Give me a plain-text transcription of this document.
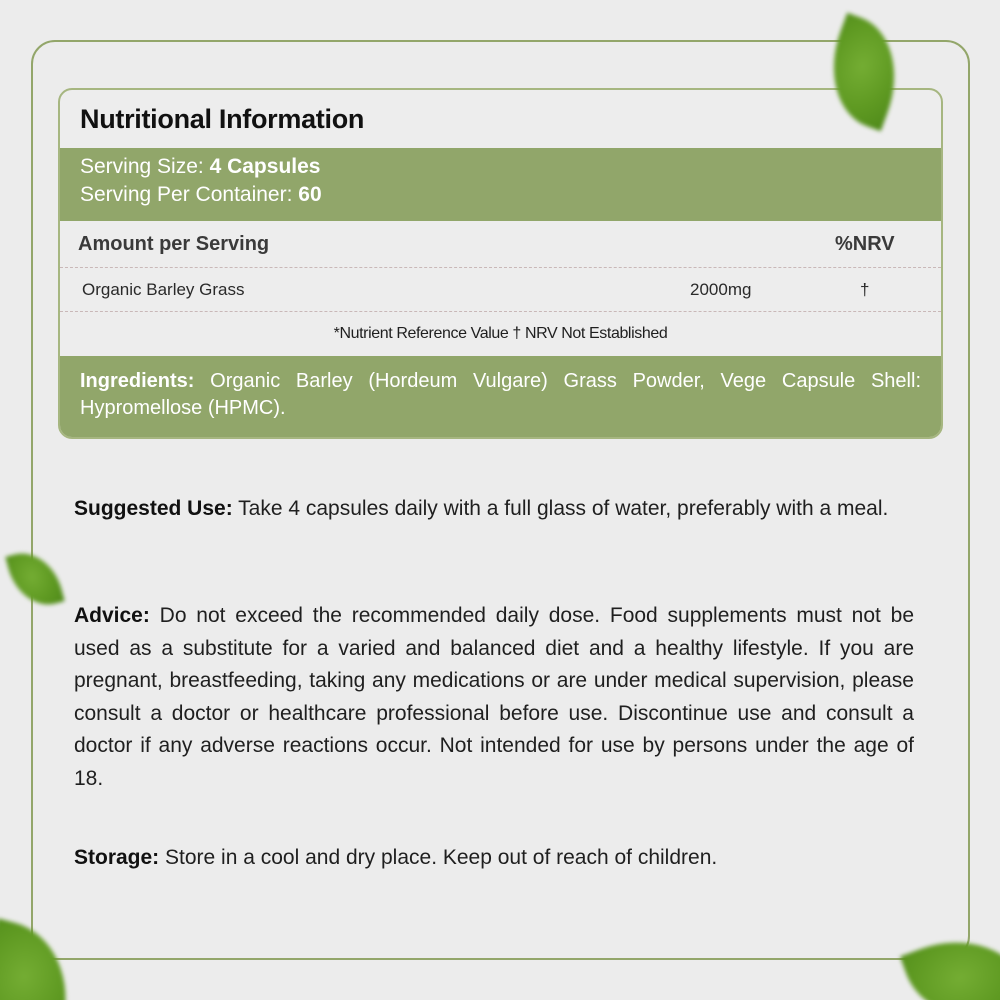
Nutritional Information
Serving Size: 4 Capsules
Serving Per Container: 60
Amount per Serving	%NRV
Organic Barley Grass	2000mg	†
*Nutrient Reference Value † NRV Not Established
Ingredients: Organic Barley (Hordeum Vulgare) Grass Powder, Vege Capsule Shell: Hypromellose (HPMC).
Suggested Use: Take 4 capsules daily with a full glass of water, preferably with a meal.
Advice: Do not exceed the recommended daily dose. Food supplements must not be used as a substitute for a varied and balanced diet and a healthy lifestyle. If you are pregnant, breastfeeding, taking any medications or are under medical supervision, please consult a doctor or healthcare professional before use. Discontinue use and consult a doctor if any adverse reactions occur. Not intended for use by persons under the age of 18.
Storage: Store in a cool and dry place. Keep out of reach of children.
